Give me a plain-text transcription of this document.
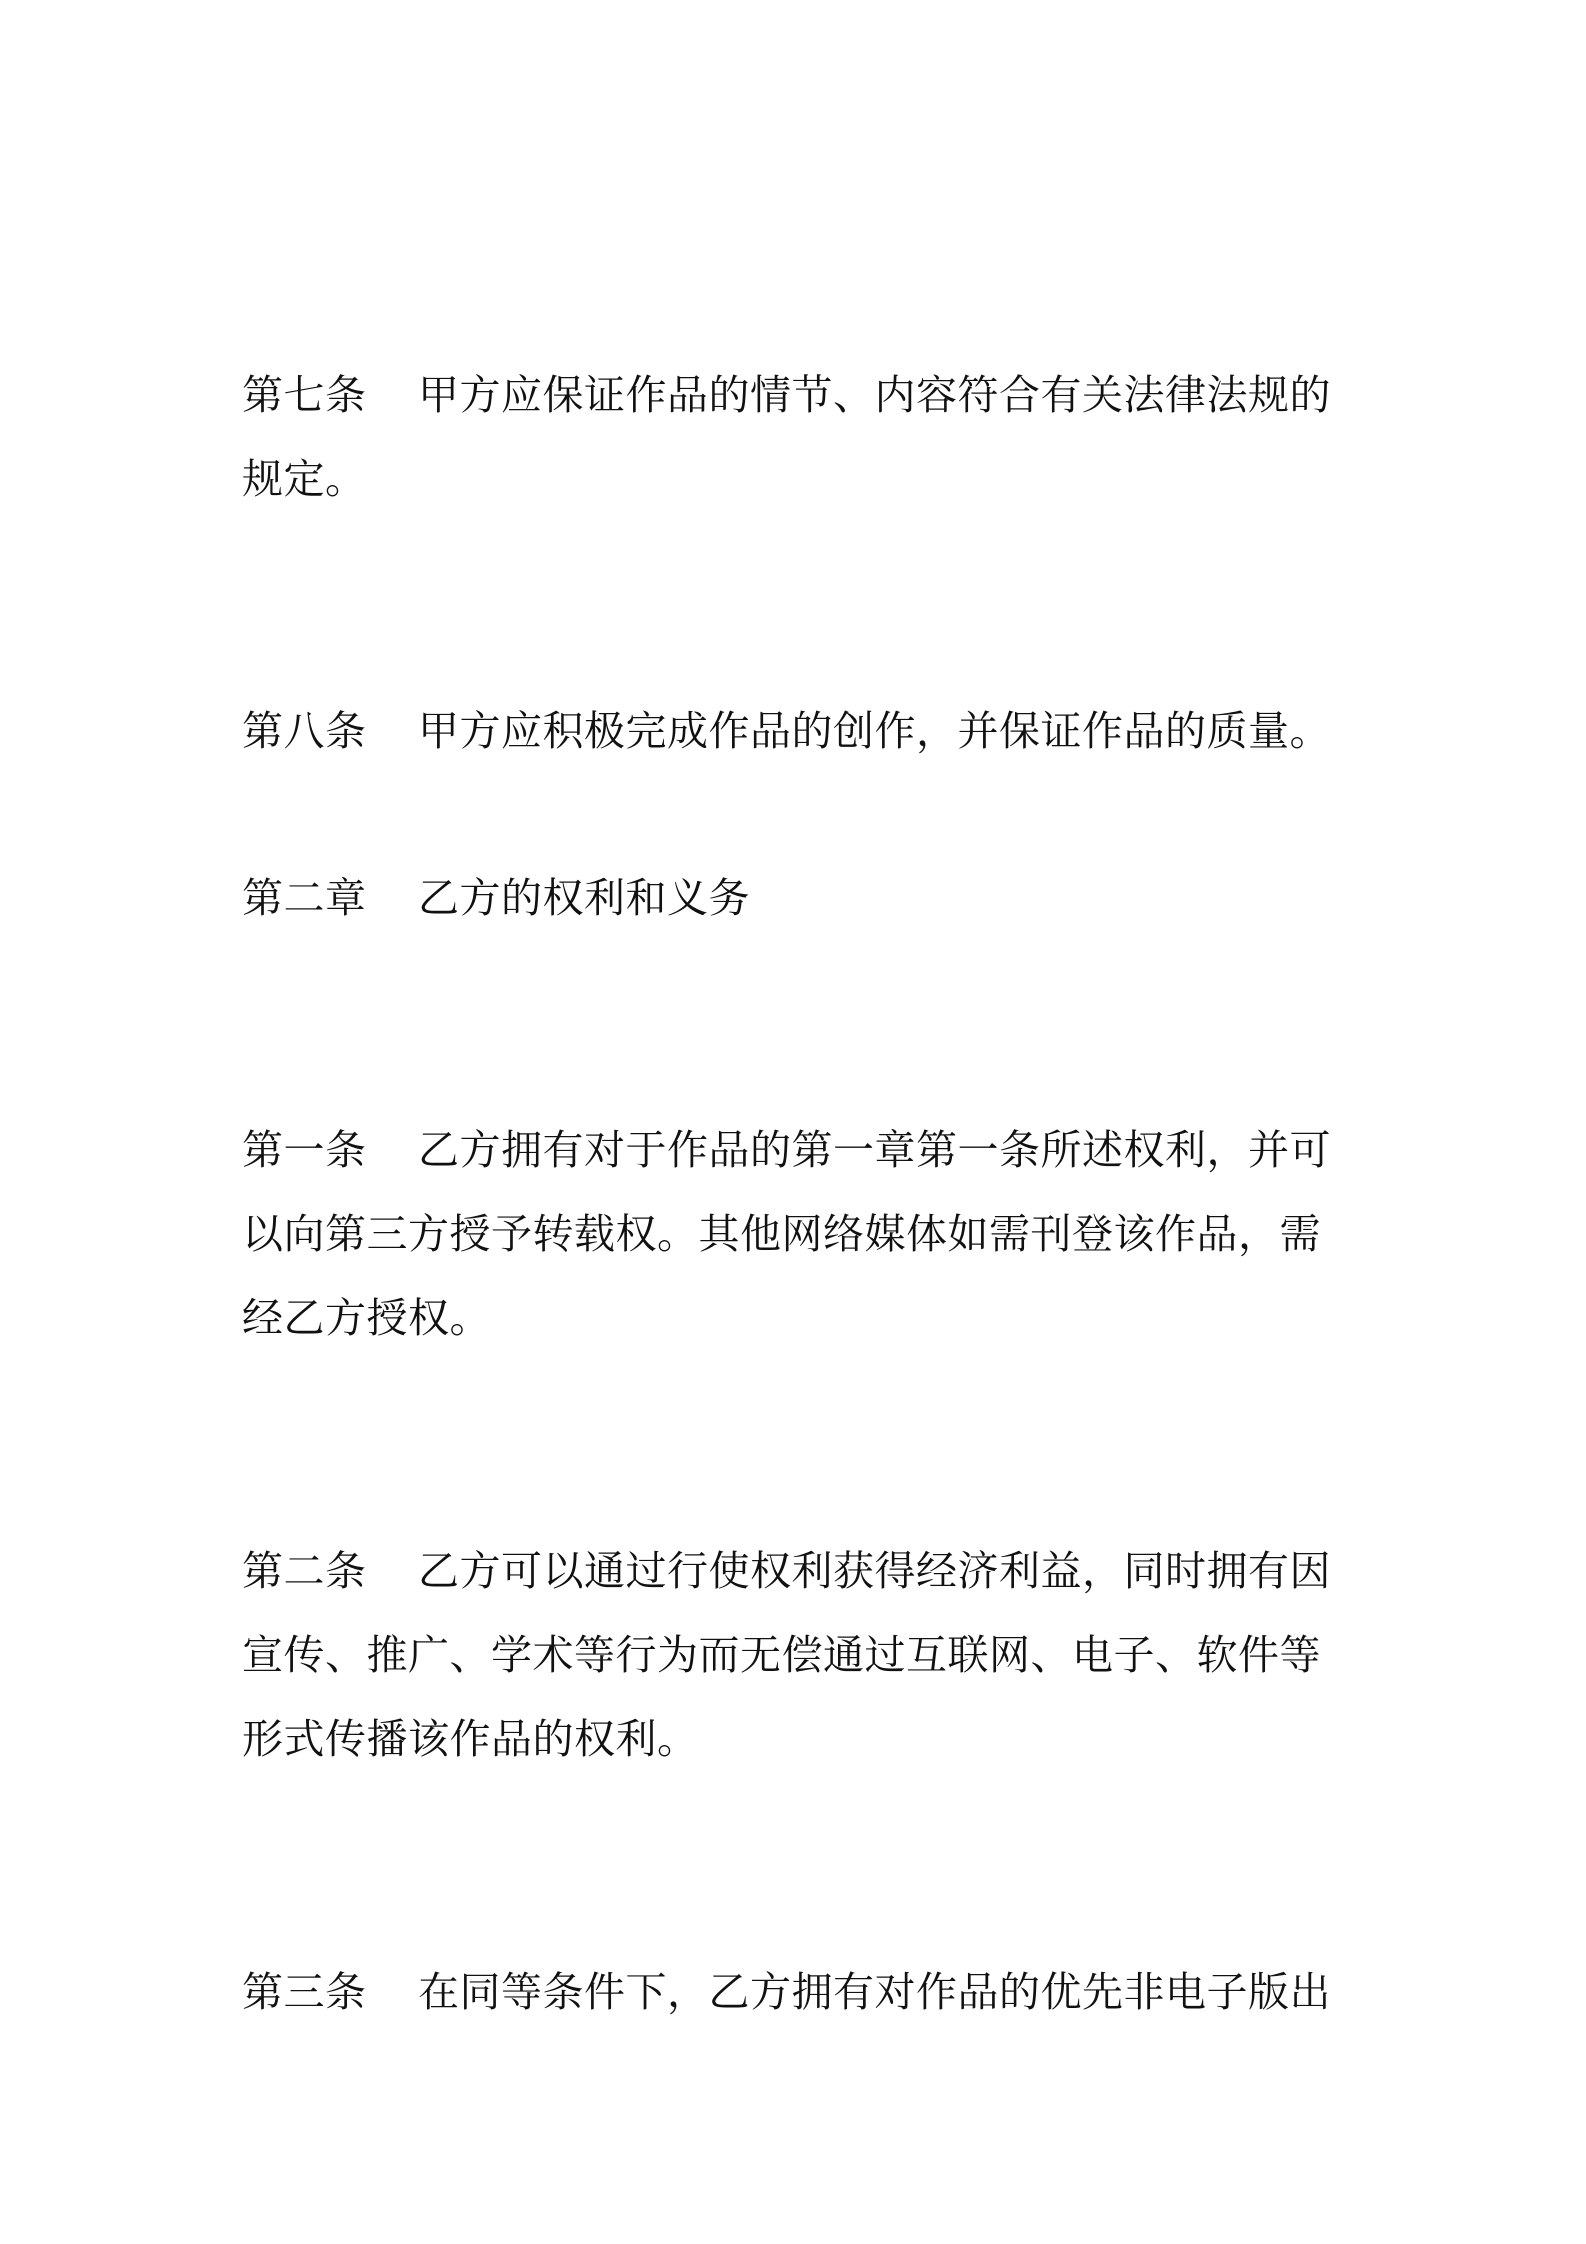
第七条 甲方应保证作品的情节、内容符合有关法律法规的
规定。

第八条 甲方应积极完成作品的创作，并保证作品的质量。

第二章 乙方的权利和义务

第一条 乙方拥有对于作品的第一章第一条所述权利，并可
以向第三方授予转载权。其他网络媒体如需刊登该作品，需
经乙方授权。

第二条 乙方可以通过行使权利获得经济利益，同时拥有因
宣传、推广、学术等行为而无偿通过互联网、电子、软件等
形式传播该作品的权利。

第三条 在同等条件下，乙方拥有对作品的优先非电子版出
